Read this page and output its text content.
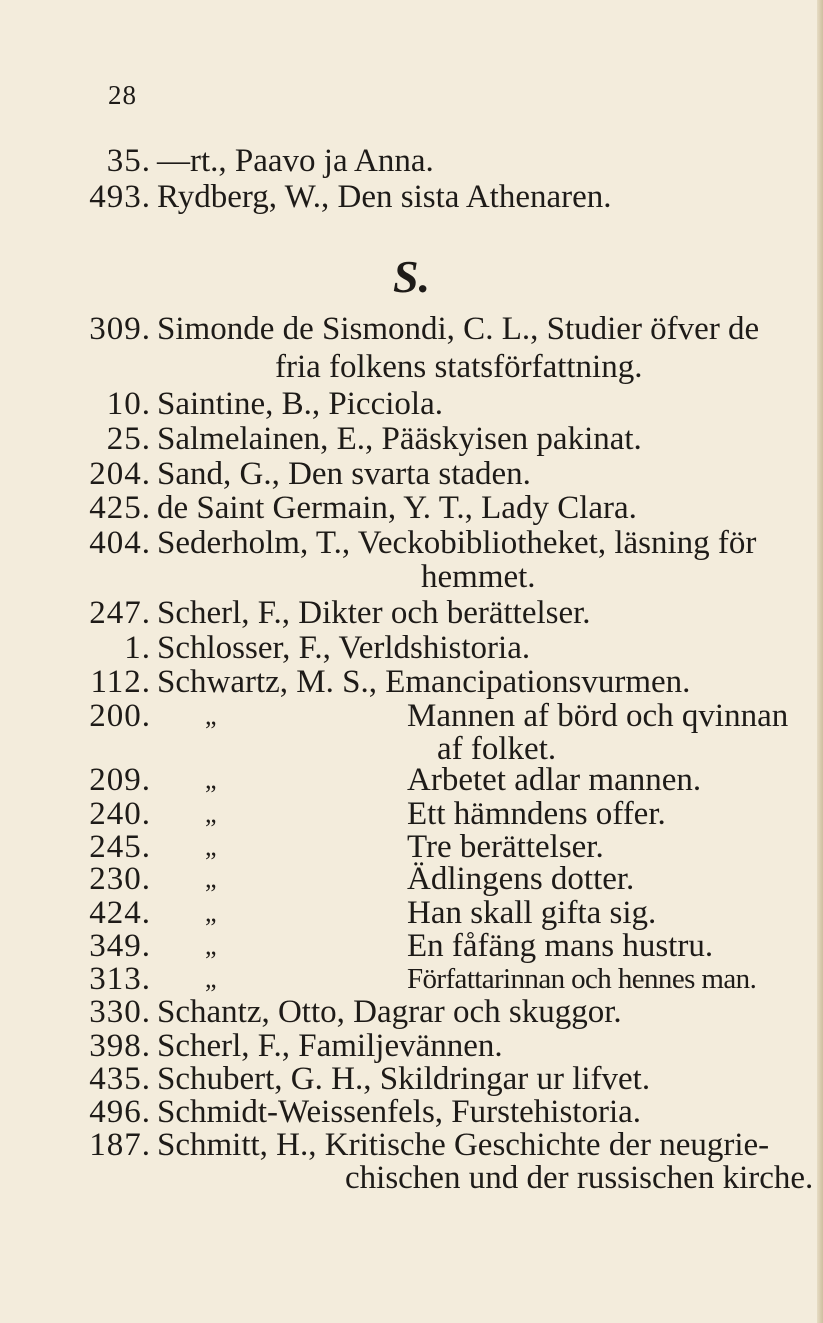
28
35. —rt., Paavo ja Anna.
493. Rydberg, W., Den sista Athenaren.
S.
309. Simonde de Sismondi, C. L., Studier öfver de
fria folkens statsförfattning.
10. Saintine, B., Picciola.
25. Salmelainen, E., Pääskyisen pakinat.
204. Sand, G., Den svarta staden.
425. de Saint Germain, Y. T., Lady Clara.
404. Sederholm, T., Veckobibliotheket, läsning för
hemmet.
247. Scherl, F., Dikter och berättelser.
1. Schlosser, F., Verldshistoria.
112. Schwartz, M. S., Emancipationsvurmen.
200. „	Mannen af börd och qvinnan
af folket.
209. „	Arbetet adlar mannen.
240. „	Ett hämndens offer.
245. „	Tre berättelser.
230. „	Ädlingens dotter.
424. „	Han skall gifta sig.
349. „	En fåfäng mans hustru.
313. „	Författarinnan och hennes man.
330. Schantz, Otto, Dagrar och skuggor.
398. Scherl, F., Familjevännen.
435. Schubert, G. H., Skildringar ur lifvet.
496. Schmidt-Weissenfels, Furstehistoria.
187. Schmitt, H., Kritische Geschichte der neugrie-
chischen und der russischen kirche.
